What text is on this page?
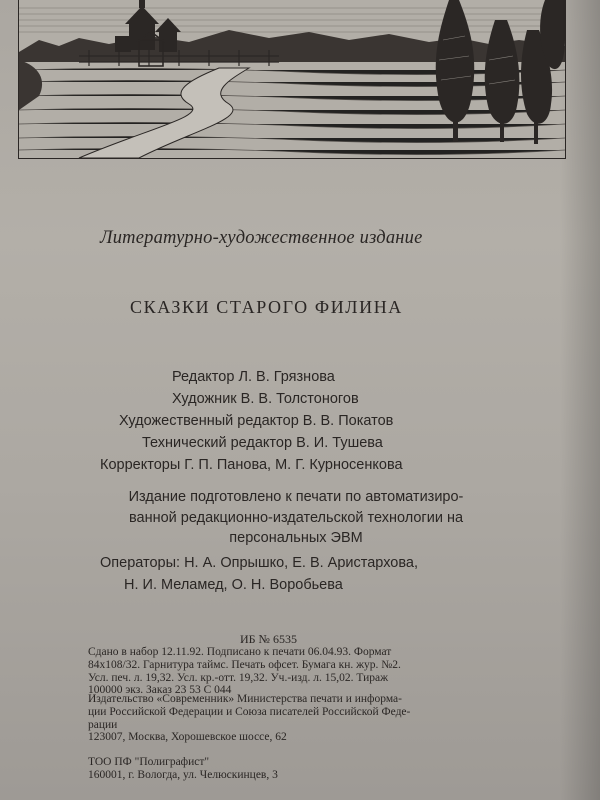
Литературно-художественное издание
СКАЗКИ СТАРОГО ФИЛИНА
Редактор Л. В. Грязнова
Художник В. В. Толстоногов
Художественный редактор В. В. Покатов
Технический редактор В. И. Тушева
Корректоры Г. П. Панова, М. Г. Курносенкова
Издание подготовлено к печати по автоматизиро-
ванной редакционно-издательской технологии на
персональных ЭВМ
Операторы: Н. А. Опрышко, Е. В. Аристархова,
Н. И. Меламед, О. Н. Воробьева
ИБ № 6535
Сдано в набор 12.11.92. Подписано к печати 06.04.93. Формат
84x108/32. Гарнитура таймс. Печать офсет. Бумага кн. жур. №2.
Усл. печ. л. 19,32. Усл. кр.-отт. 19,32. Уч.-изд. л. 15,02. Тираж
100000 экз. Заказ 23 53 С 044
Издательство «Современник» Министерства печати и информа-
ции Российской Федерации и Союза писателей Российской Феде-
рации
123007, Москва, Хорошевское шоссе, 62
ТОО ПФ "Полиграфист"
160001, г. Вологда, ул. Челюскинцев, 3
